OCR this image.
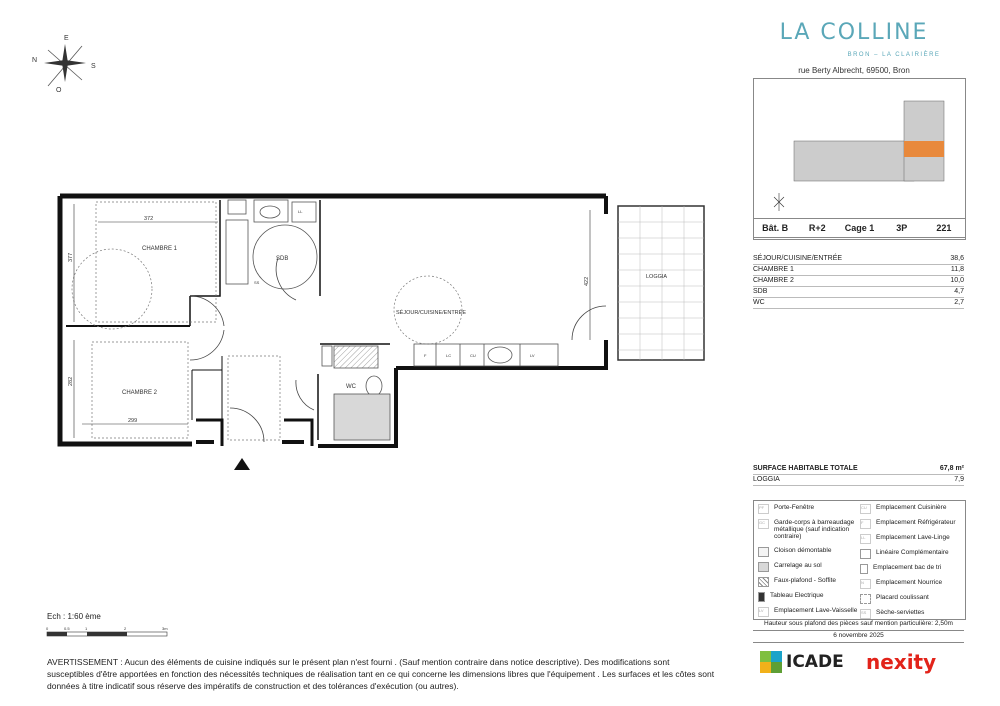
E
N
S
O
CHAMBRE 1
CHAMBRE 2
SDB
SÉJOUR/CUISINE/ENTRÉE
LOGGIA
WC
372
377
422
282
299
LL
SS
F	LC	CU	LV
0	0.5	1	2	3m
Ech : 1:60 ème
AVERTISSEMENT : Aucun des éléments de cuisine indiqués sur le présent plan n'est fourni . (Sauf mention contraire dans notice descriptive). Des modifications sont susceptibles d'être apportées en fonction des nécessités techniques de réalisation tant en ce qui concerne les dimensions libres que l'équipement . Les surfaces et les côtes sont données à titre indicatif sous réserve des impératifs de construction et des tolérances d'exécution (ou autres).
LA COLLINE
BRON – LA CLAIRIÈRE
rue Berty Albrecht, 69500, Bron
Bât. B	R+2	Cage 1	3P	221
SÉJOUR/CUISINE/ENTRÉE	38,6
CHAMBRE 1	11,8
CHAMBRE 2	10,0
SDB	4,7
WC	2,7
SURFACE HABITABLE TOTALE	67,8 m²
LOGGIA	7,9
PF	Porte-Fenêtre
GC	Garde-corps à barreaudage métallique (sauf indication contraire)
Cloison démontable
Carrelage au sol
Faux-plafond - Soffite
Tableau Electrique
LV	Emplacement Lave-Vaisselle
CU	Emplacement Cuisinière
F	Emplacement Réfrigérateur
LL	Emplacement Lave-Linge
Linéaire Complémentaire
Emplacement bac de tri
N	Emplacement Nourrice
Placard coulissant
SS	Sèche-serviettes
Hauteur sous plafond des pièces sauf mention particulière: 2,50m
6 novembre 2025
ICADE nexity
